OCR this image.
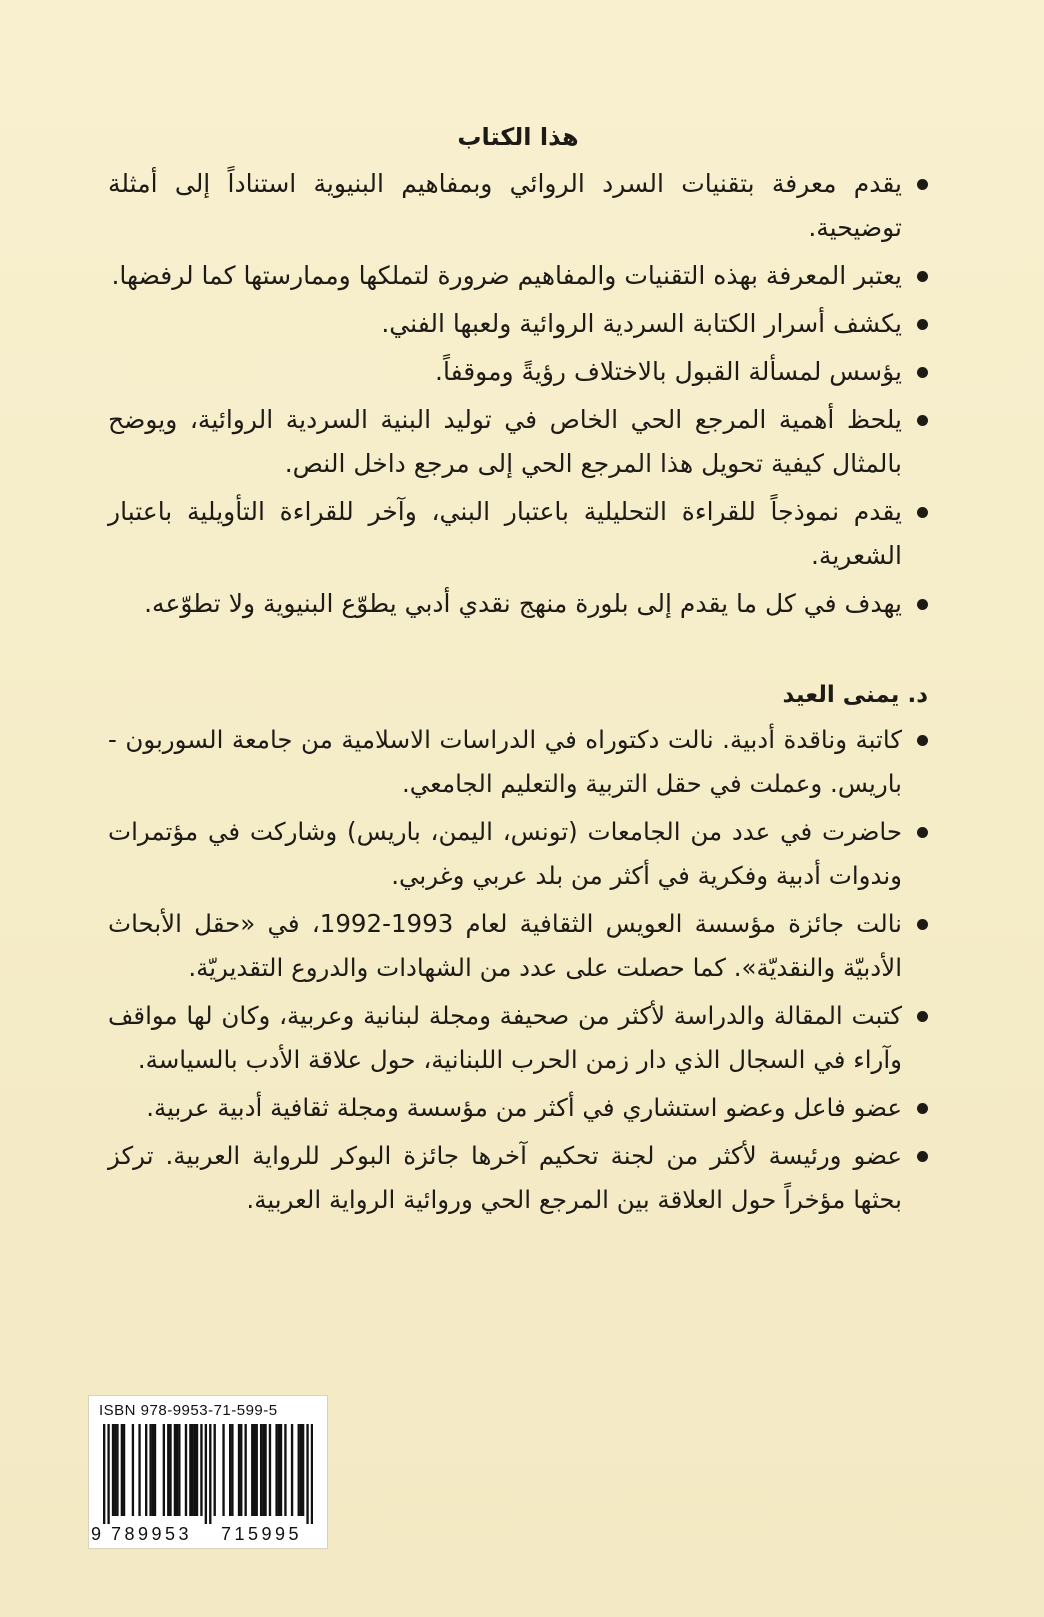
هذا الكتاب
يقدم معرفة بتقنيات السرد الروائي وبمفاهيم البنيوية استناداً إلى أمثلة توضيحية.
يعتبر المعرفة بهذه التقنيات والمفاهيم ضرورة لتملكها وممارستها كما لرفضها.
يكشف أسرار الكتابة السردية الروائية ولعبها الفني.
يؤسس لمسألة القبول بالاختلاف رؤيةً وموقفاً.
يلحظ أهمية المرجع الحي الخاص في توليد البنية السردية الروائية، ويوضح بالمثال كيفية تحويل هذا المرجع الحي إلى مرجع داخل النص.
يقدم نموذجاً للقراءة التحليلية باعتبار البني، وآخر للقراءة التأويلية باعتبار الشعرية.
يهدف في كل ما يقدم إلى بلورة منهج نقدي أدبي يطوّع البنيوية ولا تطوّعه.
د. يمنى العيد
كاتبة وناقدة أدبية. نالت دكتوراه في الدراسات الاسلامية من جامعة السوربون - باريس. وعملت في حقل التربية والتعليم الجامعي.
حاضرت في عدد من الجامعات (تونس، اليمن، باريس) وشاركت في مؤتمرات وندوات أدبية وفكرية في أكثر من بلد عربي وغربي.
نالت جائزة مؤسسة العويس الثقافية لعام 1993-1992، في «حقل الأبحاث الأدبيّة والنقديّة». كما حصلت على عدد من الشهادات والدروع التقديريّة.
كتبت المقالة والدراسة لأكثر من صحيفة ومجلة لبنانية وعربية، وكان لها مواقف وآراء في السجال الذي دار زمن الحرب اللبنانية، حول علاقة الأدب بالسياسة.
عضو فاعل وعضو استشاري في أكثر من مؤسسة ومجلة ثقافية أدبية عربية.
عضو ورئيسة لأكثر من لجنة تحكيم آخرها جائزة البوكر للرواية العربية. تركز بحثها مؤخراً حول العلاقة بين المرجع الحي وروائية الرواية العربية.
ISBN 978-9953-71-599-5
9 789953	715995
